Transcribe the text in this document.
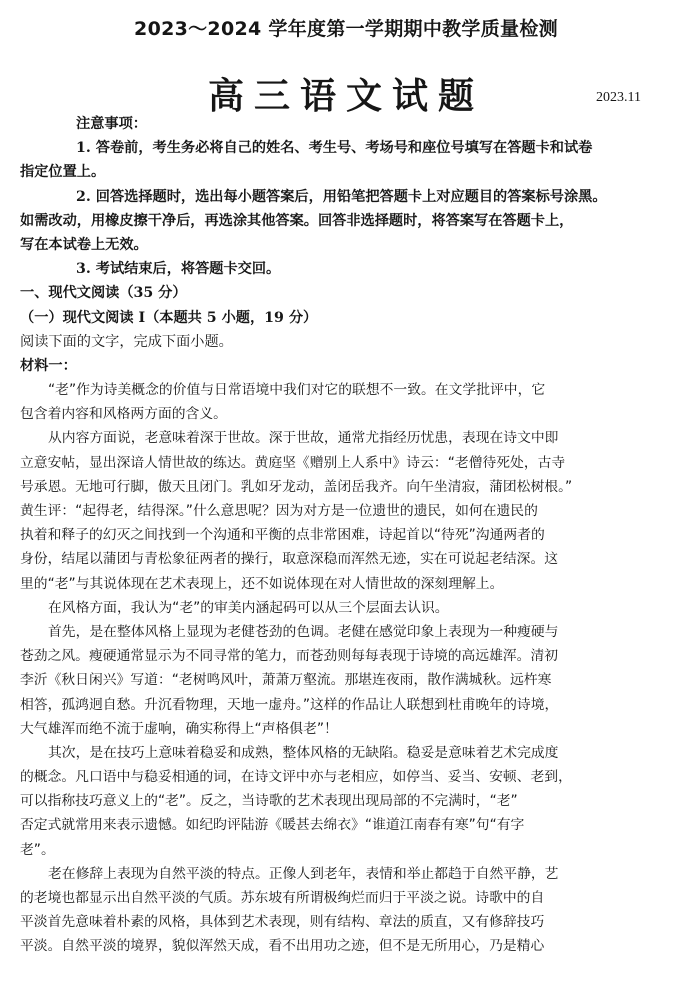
2023～2024 学年度第一学期期中教学质量检测
高三语文试题	2023.11
注意事项：
1. 答卷前，考生务必将自己的姓名、考生号、考场号和座位号填写在答题卡和试卷
指定位置上。
2. 回答选择题时，选出每小题答案后，用铅笔把答题卡上对应题目的答案标号涂黑。
如需改动，用橡皮擦干净后，再选涂其他答案。回答非选择题时，将答案写在答题卡上，
写在本试卷上无效。
3. 考试结束后，将答题卡交回。
一、现代文阅读（35 分）
（一）现代文阅读 I（本题共 5 小题，19 分）
阅读下面的文字，完成下面小题。
材料一：
“老”作为诗美概念的价值与日常语境中我们对它的联想不一致。在文学批评中，它
包含着内容和风格两方面的含义。
从内容方面说，老意味着深于世故。深于世故，通常尤指经历忧患，表现在诗文中即
立意安帖，显出深谙人情世故的练达。黄庭坚《赠别上人系中》诗云：“老僧待死处，古寺
号承恩。无地可行脚，傲天且闭门。乳如牙龙动，盖闭岳我齐。向午坐清寂，蒲团松树根。”
黄生评：“起得老，结得深。”什么意思呢？因为对方是一位遗世的遗民，如何在遗民的
执着和释子的幻灭之间找到一个沟通和平衡的点非常困难，诗起首以“待死”沟通两者的
身份，结尾以蒲团与青松象征两者的操行，取意深稳而浑然无迹，实在可说起老结深。这
里的“老”与其说体现在艺术表现上，还不如说体现在对人情世故的深刻理解上。
在风格方面，我认为“老”的审美内涵起码可以从三个层面去认识。
首先，是在整体风格上显现为老健苍劲的色调。老健在感觉印象上表现为一种瘦硬与
苍劲之风。瘦硬通常显示为不同寻常的笔力，而苍劲则每每表现于诗境的高远雄浑。清初
李沂《秋日闲兴》写道：“老树鸣风叶，萧萧万壑流。那堪连夜雨，散作满城秋。远杵寒
相答，孤鸿迥自愁。升沉看物理，天地一虚舟。”这样的作品让人联想到杜甫晚年的诗境，
大气雄浑而绝不流于虚响，确实称得上“声格俱老”！
其次，是在技巧上意味着稳妥和成熟，整体风格的无缺陷。稳妥是意味着艺术完成度
的概念。凡口语中与稳妥相通的词，在诗文评中亦与老相应，如停当、妥当、安顿、老到，
可以指称技巧意义上的“老”。反之，当诗歌的艺术表现出现局部的不完满时，“老”
否定式就常用来表示遗憾。如纪昀评陆游《暖甚去绵衣》“谁道江南春有寒”句“有字
老”。
老在修辞上表现为自然平淡的特点。正像人到老年，表情和举止都趋于自然平静，艺
的老境也都显示出自然平淡的气质。苏东坡有所谓极绚烂而归于平淡之说。诗歌中的自
平淡首先意味着朴素的风格，具体到艺术表现，则有结构、章法的质直，又有修辞技巧
平淡。自然平淡的境界，貌似浑然天成，看不出用功之迹，但不是无所用心，乃是精心
